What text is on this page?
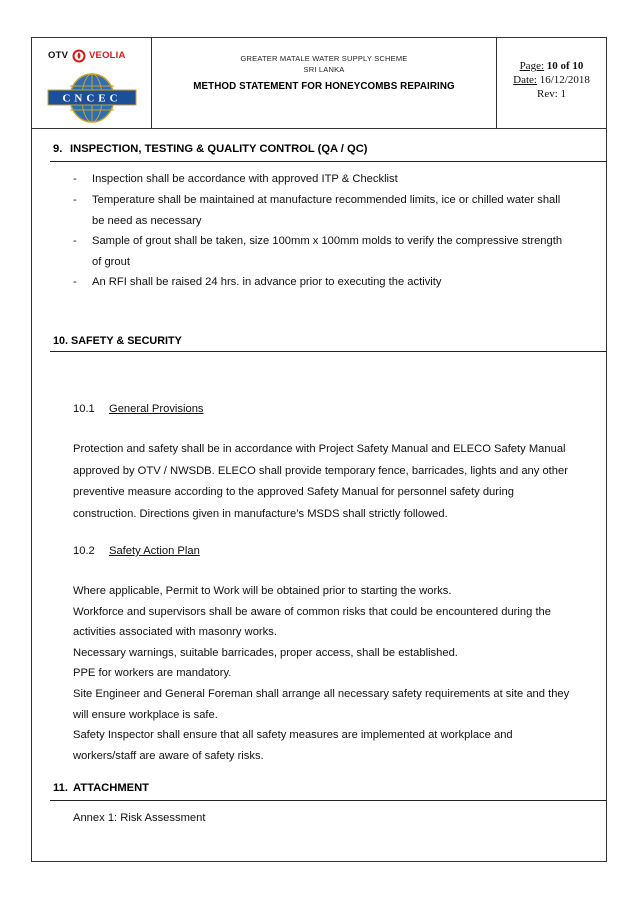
OTV VEOLIA
CNCEC
GREATER MATALE WATER SUPPLY SCHEME
SRI LANKA
METHOD STATEMENT FOR HONEYCOMBS REPAIRING
Page: 10 of 10
Date: 16/12/2018
Rev: 1
9. INSPECTION, TESTING & QUALITY CONTROL (QA / QC)
- Inspection shall be accordance with approved ITP & Checklist
- Temperature shall be maintained at manufacture recommended limits, ice or chilled water shall
be need as necessary
- Sample of grout shall be taken, size 100mm x 100mm molds to verify the compressive strength
of grout
- An RFI shall be raised 24 hrs. in advance prior to executing the activity
10. SAFETY & SECURITY
10.1 General Provisions
Protection and safety shall be in accordance with Project Safety Manual and ELECO Safety Manual
approved by OTV / NWSDB. ELECO shall provide temporary fence, barricades, lights and any other
preventive measure according to the approved Safety Manual for personnel safety during
construction. Directions given in manufacture’s MSDS shall strictly followed.
10.2 Safety Action Plan
Where applicable, Permit to Work will be obtained prior to starting the works.
Workforce and supervisors shall be aware of common risks that could be encountered during the
activities associated with masonry works.
Necessary warnings, suitable barricades, proper access, shall be established.
PPE for workers are mandatory.
Site Engineer and General Foreman shall arrange all necessary safety requirements at site and they
will ensure workplace is safe.
Safety Inspector shall ensure that all safety measures are implemented at workplace and
workers/staff are aware of safety risks.
11. ATTACHMENT
Annex 1: Risk Assessment
